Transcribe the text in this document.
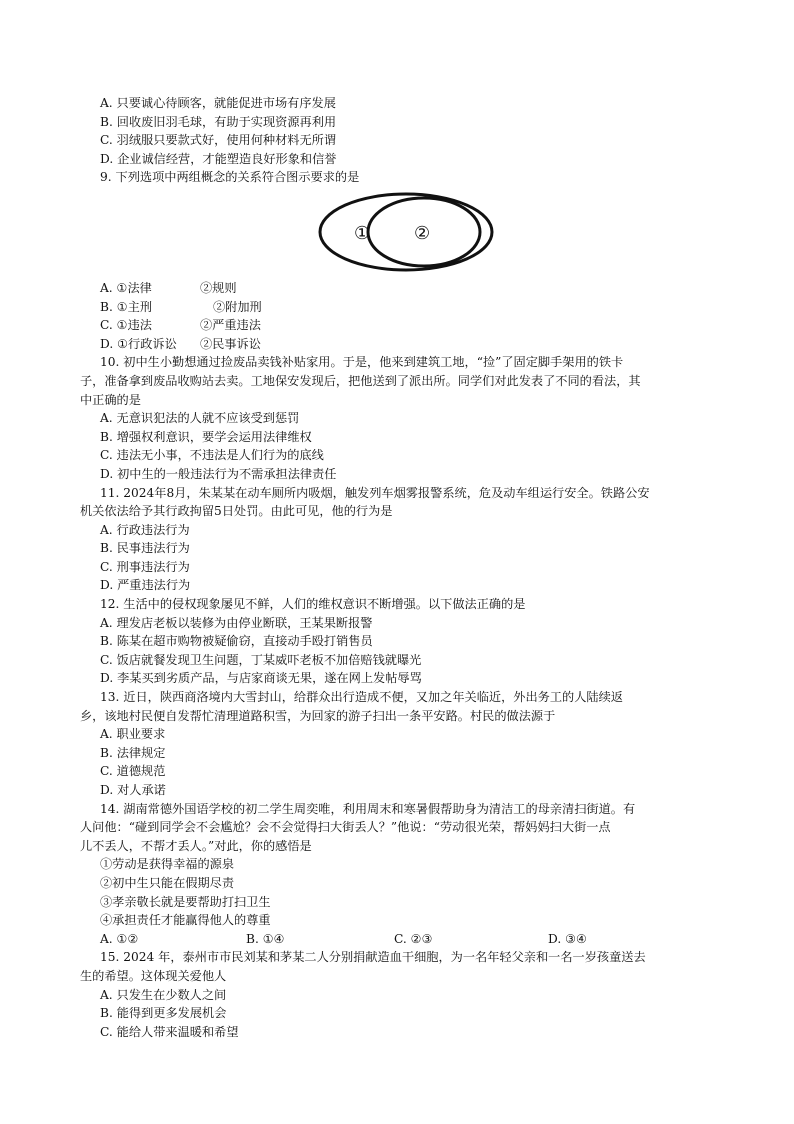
A. 只要诚心待顾客，就能促进市场有序发展
B. 回收废旧羽毛球，有助于实现资源再利用
C. 羽绒服只要款式好，使用何种材料无所谓
D. 企业诚信经营，才能塑造良好形象和信誉
9. 下列选项中两组概念的关系符合图示要求的是
① ②
A. ①法律	②规则
B. ①主刑	②附加刑
C. ①违法	②严重违法
D. ①行政诉讼	②民事诉讼
10. 初中生小勤想通过捡废品卖钱补贴家用。于是，他来到建筑工地，“捡”了固定脚手架用的铁卡
子，准备拿到废品收购站去卖。工地保安发现后，把他送到了派出所。同学们对此发表了不同的看法，其
中正确的是
A. 无意识犯法的人就不应该受到惩罚
B. 增强权利意识，要学会运用法律维权
C. 违法无小事，不违法是人们行为的底线
D. 初中生的一般违法行为不需承担法律责任
11. 2024年8月，朱某某在动车厕所内吸烟，触发列车烟雾报警系统，危及动车组运行安全。铁路公安
机关依法给予其行政拘留5日处罚。由此可见，他的行为是
A. 行政违法行为
B. 民事违法行为
C. 刑事违法行为
D. 严重违法行为
12. 生活中的侵权现象屡见不鲜，人们的维权意识不断增强。以下做法正确的是
A. 理发店老板以装修为由停业断联，王某果断报警
B. 陈某在超市购物被疑偷窃，直接动手殴打销售员
C. 饭店就餐发现卫生问题，丁某威吓老板不加倍赔钱就曝光
D. 李某买到劣质产品，与店家商谈无果，遂在网上发帖辱骂
13. 近日，陕西商洛境内大雪封山，给群众出行造成不便，又加之年关临近，外出务工的人陆续返
乡，该地村民便自发帮忙清理道路积雪，为回家的游子扫出一条平安路。村民的做法源于
A. 职业要求
B. 法律规定
C. 道德规范
D. 对人承诺
14. 湖南常德外国语学校的初二学生周奕唯，利用周末和寒暑假帮助身为清洁工的母亲清扫街道。有
人问他：“碰到同学会不会尴尬？会不会觉得扫大街丢人？”他说：“劳动很光荣，帮妈妈扫大街一点
儿不丢人，不帮才丢人。”对此，你的感悟是
①劳动是获得幸福的源泉
②初中生只能在假期尽责
③孝亲敬长就是要帮助打扫卫生
④承担责任才能赢得他人的尊重
A. ①②	B. ①④	C. ②③	D. ③④
15. 2024 年，泰州市市民刘某和茅某二人分别捐献造血干细胞，为一名年轻父亲和一名一岁孩童送去
生的希望。这体现关爱他人
A. 只发生在少数人之间
B. 能得到更多发展机会
C. 能给人带来温暖和希望
